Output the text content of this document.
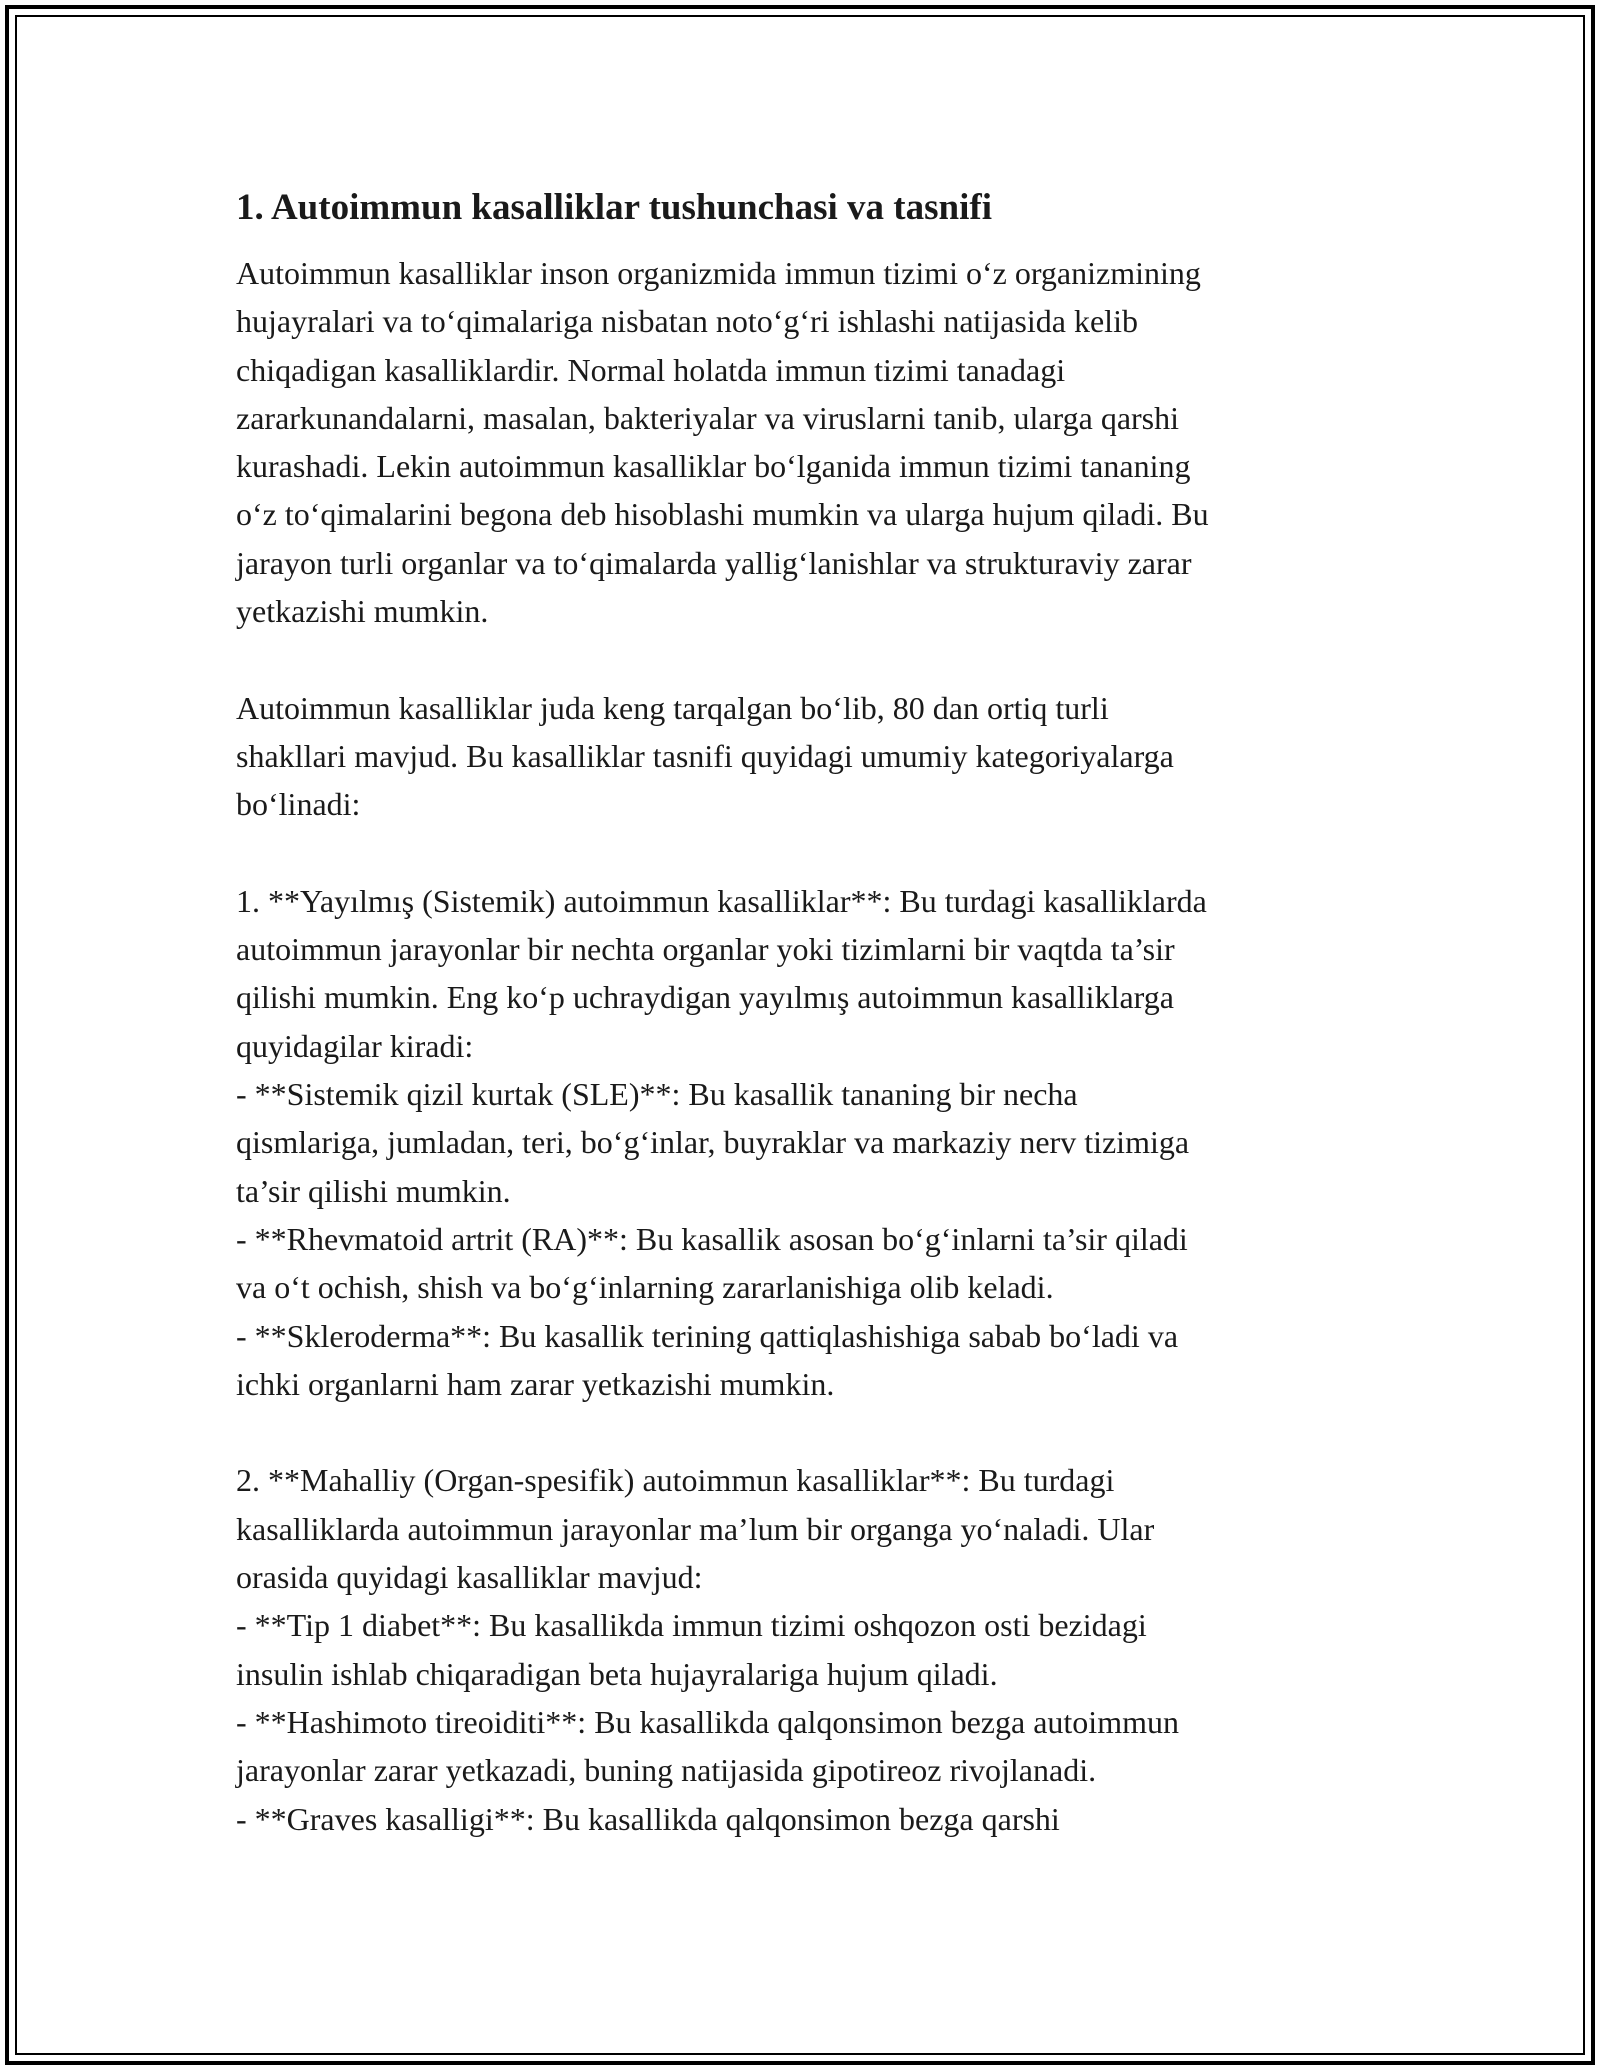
1. Autoimmun kasalliklar tushunchasi va tasnifi
Autoimmun kasalliklar inson organizmida immun tizimi o‘z organizmining
hujayralari va to‘qimalariga nisbatan noto‘g‘ri ishlashi natijasida kelib
chiqadigan kasalliklardir. Normal holatda immun tizimi tanadagi
zararkunandalarni, masalan, bakteriyalar va viruslarni tanib, ularga qarshi
kurashadi. Lekin autoimmun kasalliklar bo‘lganida immun tizimi tananing
o‘z to‘qimalarini begona deb hisoblashi mumkin va ularga hujum qiladi. Bu
jarayon turli organlar va to‘qimalarda yallig‘lanishlar va strukturaviy zarar
yetkazishi mumkin.

Autoimmun kasalliklar juda keng tarqalgan bo‘lib, 80 dan ortiq turli
shakllari mavjud. Bu kasalliklar tasnifi quyidagi umumiy kategoriyalarga
bo‘linadi:

1. **Yayılmış (Sistemik) autoimmun kasalliklar**: Bu turdagi kasalliklarda
autoimmun jarayonlar bir nechta organlar yoki tizimlarni bir vaqtda ta’sir
qilishi mumkin. Eng ko‘p uchraydigan yayılmış autoimmun kasalliklarga
quyidagilar kiradi:
- **Sistemik qizil kurtak (SLE)**: Bu kasallik tananing bir necha
qismlariga, jumladan, teri, bo‘g‘inlar, buyraklar va markaziy nerv tizimiga
ta’sir qilishi mumkin.
- **Rhevmatoid artrit (RA)**: Bu kasallik asosan bo‘g‘inlarni ta’sir qiladi
va o‘t ochish, shish va bo‘g‘inlarning zararlanishiga olib keladi.
- **Skleroderma**: Bu kasallik terining qattiqlashishiga sabab bo‘ladi va
ichki organlarni ham zarar yetkazishi mumkin.

2. **Mahalliy (Organ-spesifik) autoimmun kasalliklar**: Bu turdagi
kasalliklarda autoimmun jarayonlar ma’lum bir organga yo‘naladi. Ular
orasida quyidagi kasalliklar mavjud:
- **Tip 1 diabet**: Bu kasallikda immun tizimi oshqozon osti bezidagi
insulin ishlab chiqaradigan beta hujayralariga hujum qiladi.
- **Hashimoto tireoiditi**: Bu kasallikda qalqonsimon bezga autoimmun
jarayonlar zarar yetkazadi, buning natijasida gipotireoz rivojlanadi.
- **Graves kasalligi**: Bu kasallikda qalqonsimon bezga qarshi
